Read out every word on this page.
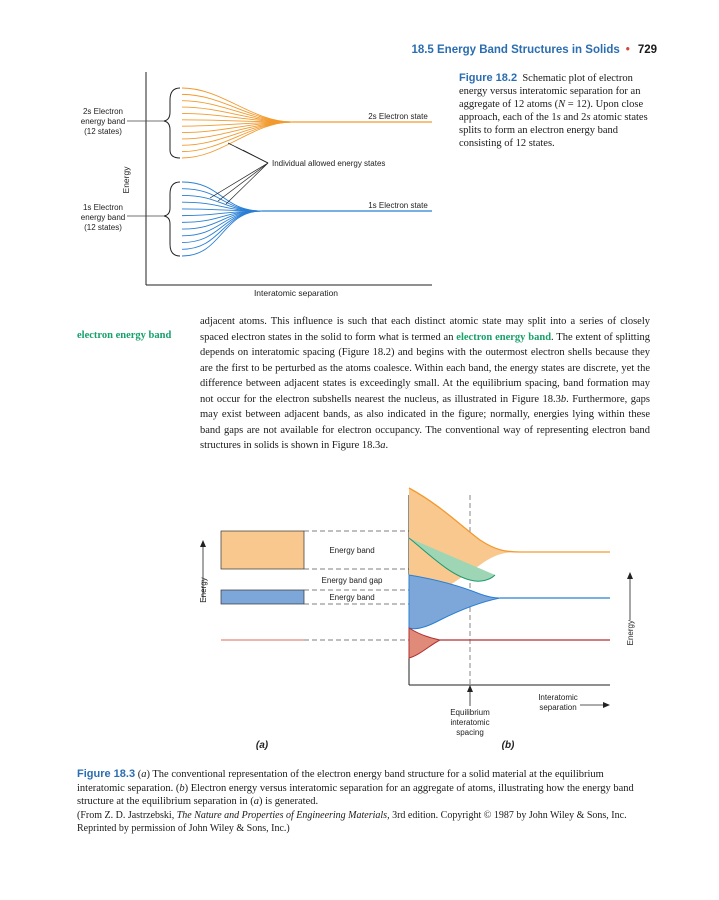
18.5 Energy Band Structures in Solids • 729
Energy
Interatomic separation
2s Electron
energy band
(12 states)
1s Electron
energy band
(12 states)
2s Electron state
1s Electron state
Individual allowed energy states

Figure 18.2 Schematic plot of electron energy versus interatomic separation for an aggregate of 12 atoms (N = 12). Upon close approach, each of the 1s and 2s atomic states splits to form an electron energy band consisting of 12 states.

electron energy band

adjacent atoms. This influence is such that each distinct atomic state may split into a series of closely spaced electron states in the solid to form what is termed an electron energy band. The extent of splitting depends on interatomic spacing (Figure 18.2) and begins with the outermost electron shells because they are the first to be perturbed as the atoms coalesce. Within each band, the energy states are discrete, yet the difference between adjacent states is exceedingly small. At the equilibrium spacing, band formation may not occur for the electron subshells nearest the nucleus, as illustrated in Figure 18.3b. Furthermore, gaps may exist between adjacent bands, as also indicated in the figure; normally, energies lying within these band gaps are not available for electron occupancy. The conventional way of representing electron band structures in solids is shown in Figure 18.3a.

Energy
Energy band
Energy band gap
Energy band
(a)
Energy
Equilibrium
interatomic
spacing
Interatomic
separation
(b)

Figure 18.3 (a) The conventional representation of the electron energy band structure for a solid material at the equilibrium interatomic separation. (b) Electron energy versus interatomic separation for an aggregate of atoms, illustrating how the energy band structure at the equilibrium separation in (a) is generated.
(From Z. D. Jastrzebski, The Nature and Properties of Engineering Materials, 3rd edition. Copyright © 1987 by John Wiley & Sons, Inc. Reprinted by permission of John Wiley & Sons, Inc.)
